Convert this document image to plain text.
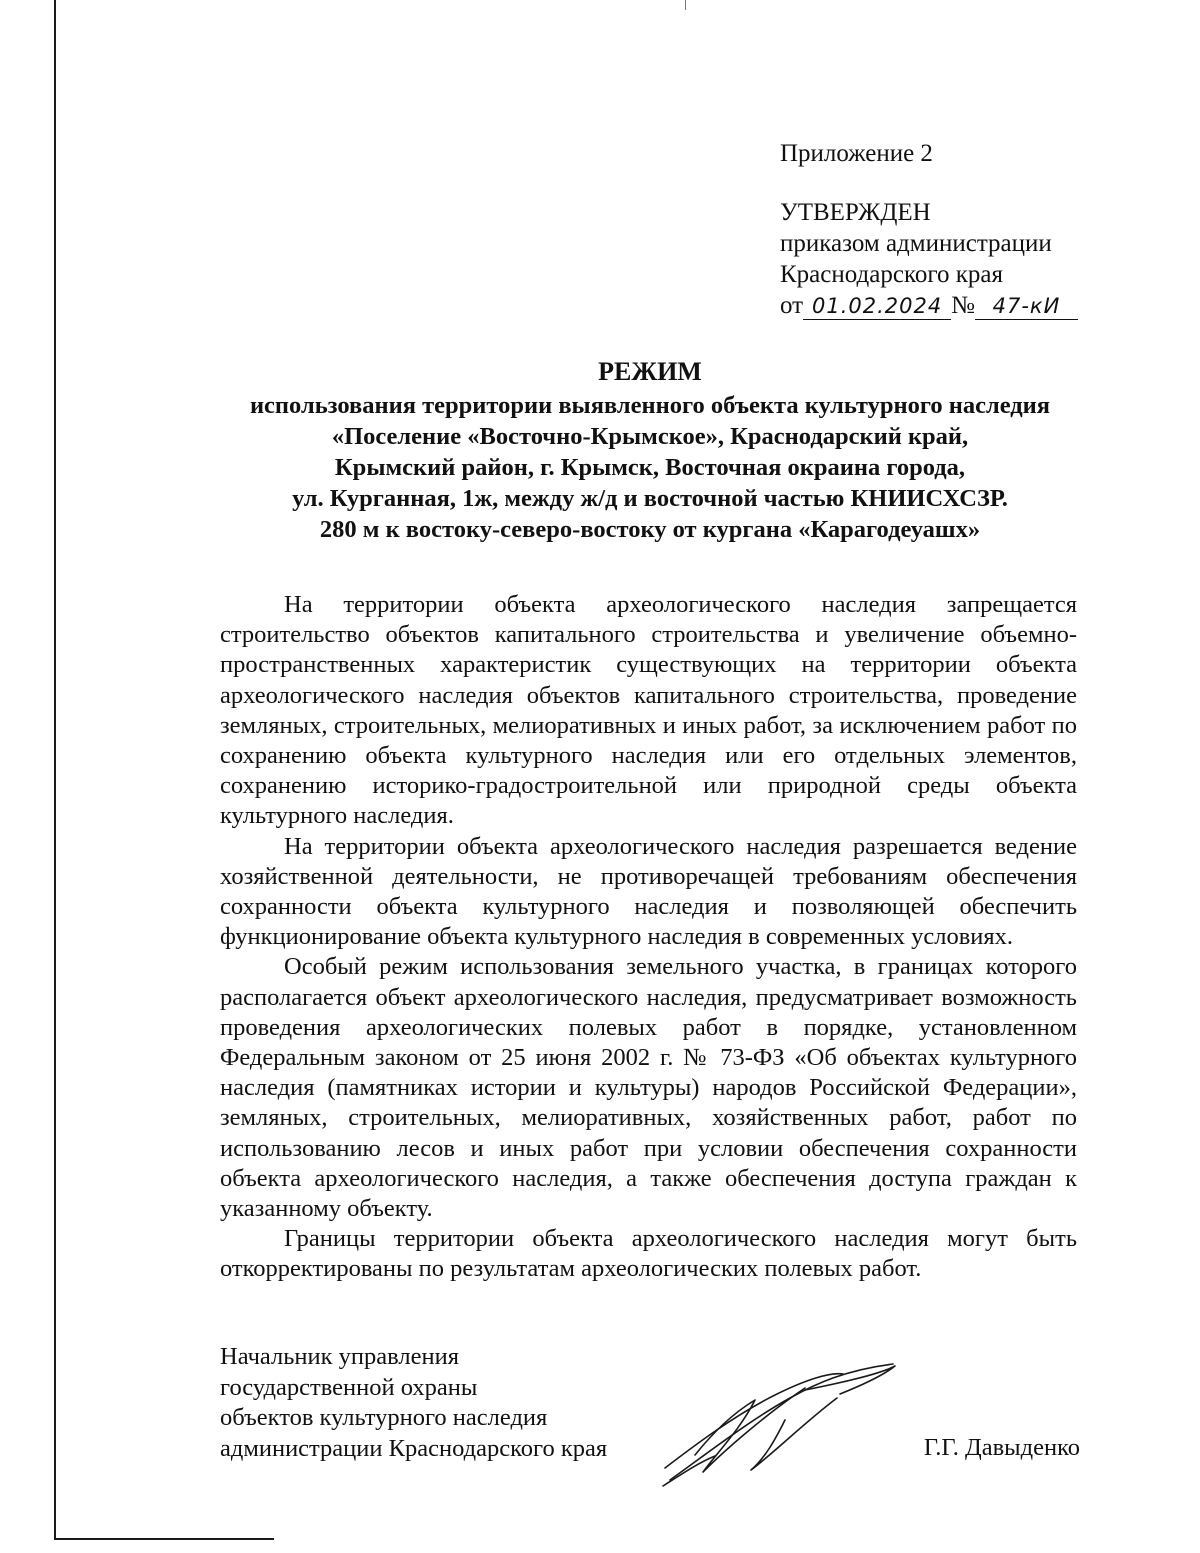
Приложение 2
УТВЕРЖДЕН
приказом администрации
Краснодарского края
от 01.02.2024 № 47-кИ
РЕЖИМ
использования территории выявленного объекта культурного наследия
«Поселение «Восточно-Крымское», Краснодарский край,
Крымский район, г. Крымск, Восточная окраина города,
ул. Курганная, 1ж, между ж/д и восточной частью КНИИСХСЗР.
280 м к востоку-северо-востоку от кургана «Карагодеуашх»

На территории объекта археологического наследия запрещается строительство объектов капитального строительства и увеличение объемно-пространственных характеристик существующих на территории объекта археологического наследия объектов капитального строительства, проведение земляных, строительных, мелиоративных и иных работ, за исключением работ по сохранению объекта культурного наследия или его отдельных элементов, сохранению историко-градостроительной или природной среды объекта культурного наследия.

На территории объекта археологического наследия разрешается ведение хозяйственной деятельности, не противоречащей требованиям обеспечения сохранности объекта культурного наследия и позволяющей обеспечить функционирование объекта культурного наследия в современных условиях.

Особый режим использования земельного участка, в границах которого располагается объект археологического наследия, предусматривает возможность проведения археологических полевых работ в порядке, установленном Федеральным законом от 25 июня 2002 г. № 73-ФЗ «Об объектах культурного наследия (памятниках истории и культуры) народов Российской Федерации», земляных, строительных, мелиоративных, хозяйственных работ, работ по использованию лесов и иных работ при условии обеспечения сохранности объекта археологического наследия, а также обеспечения доступа граждан к указанному объекту.

Границы территории объекта археологического наследия могут быть откорректированы по результатам археологических полевых работ.

Начальник управления
государственной охраны
объектов культурного наследия
администрации Краснодарского края	Г.Г. Давыденко
